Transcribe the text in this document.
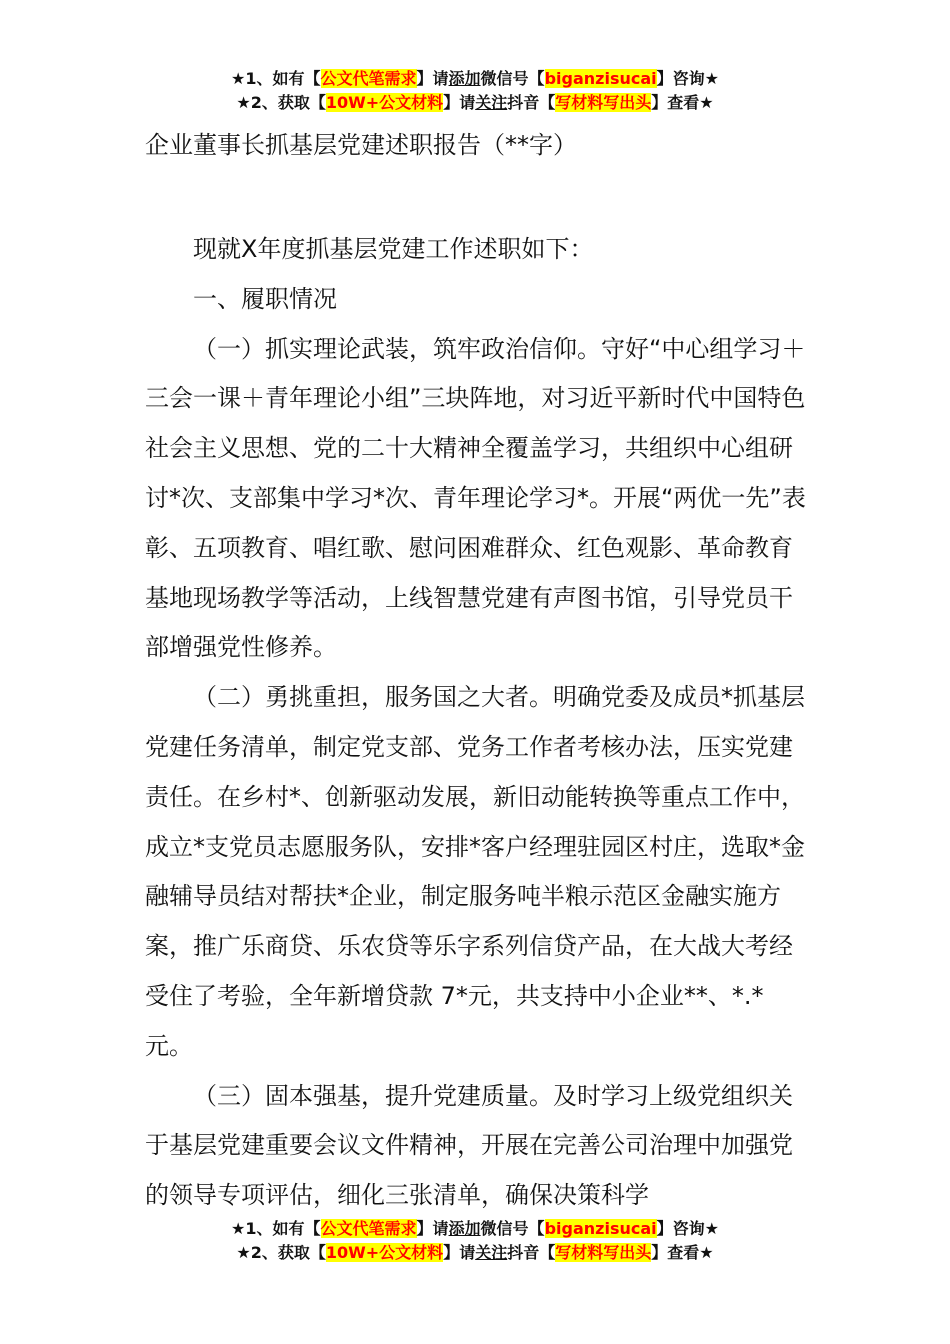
★1、如有【公文代笔需求】请添加微信号【biganzisucai】咨询★
★2、获取【10W+公文材料】请关注抖音【写材料写出头】查看★
企业董事长抓基层党建述职报告（**字）

现就X年度抓基层党建工作述职如下：

一、履职情况

（一）抓实理论武装，筑牢政治信仰。守好“中心组学习＋三会一课＋青年理论小组”三块阵地，对习近平新时代中国特色社会主义思想、党的二十大精神全覆盖学习，共组织中心组研讨*次、支部集中学习*次、青年理论学习*。开展“两优一先”表彰、五项教育、唱红歌、慰问困难群众、红色观影、革命教育基地现场教学等活动，上线智慧党建有声图书馆，引导党员干部增强党性修养。

（二）勇挑重担，服务国之大者。明确党委及成员*抓基层党建任务清单，制定党支部、党务工作者考核办法，压实党建责任。在乡村*、创新驱动发展，新旧动能转换等重点工作中，成立*支党员志愿服务队，安排*客户经理驻园区村庄，选取*金融辅导员结对帮扶*企业，制定服务吨半粮示范区金融实施方案，推广乐商贷、乐农贷等乐字系列信贷产品，在大战大考经受住了考验，全年新增贷款 7*元，共支持中小企业**、*.*元。

（三）固本强基，提升党建质量。及时学习上级党组织关于基层党建重要会议文件精神，开展在完善公司治理中加强党的领导专项评估，细化三张清单，确保决策科学

★1、如有【公文代笔需求】请添加微信号【biganzisucai】咨询★
★2、获取【10W+公文材料】请关注抖音【写材料写出头】查看★
